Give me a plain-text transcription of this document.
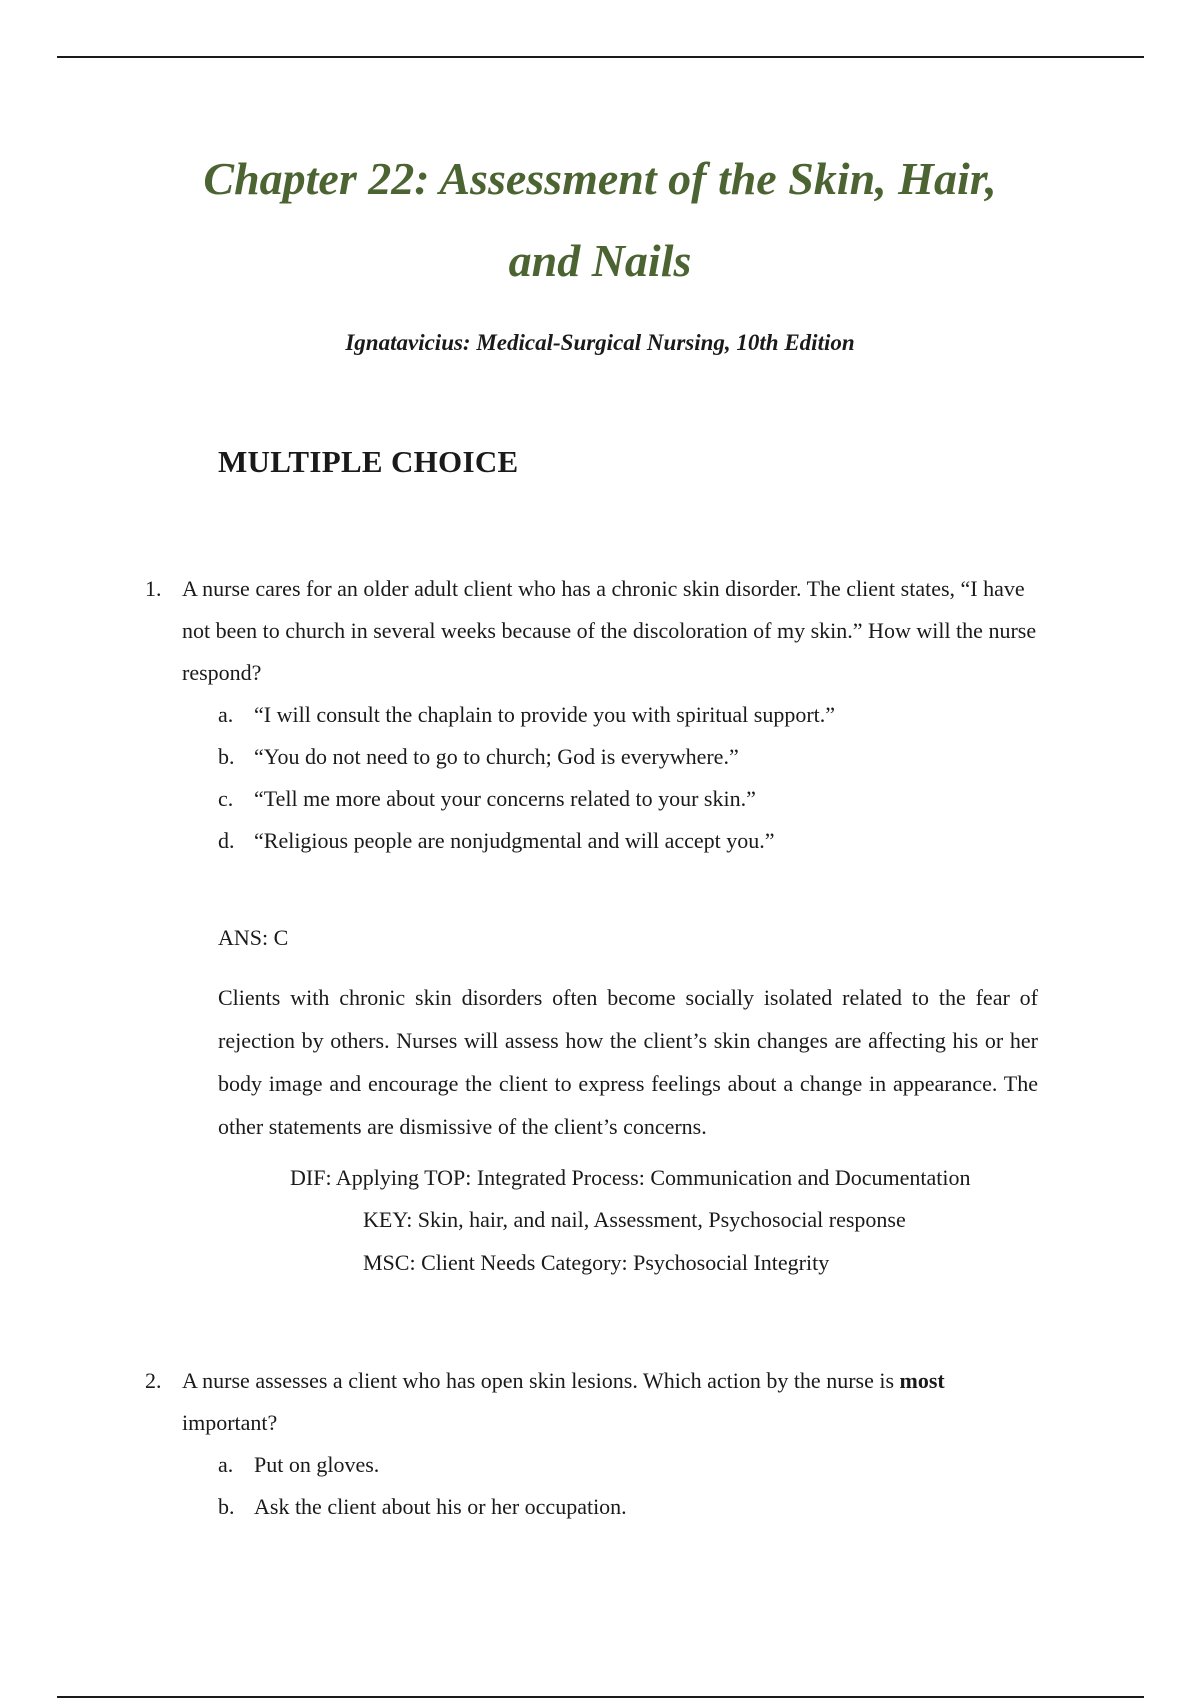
Chapter 22: Assessment of the Skin, Hair,
and Nails
Ignatavicius: Medical-Surgical Nursing, 10th Edition
MULTIPLE CHOICE
1. A nurse cares for an older adult client who has a chronic skin disorder. The client states, “I have not been to church in several weeks because of the discoloration of my skin.” How will the nurse respond?
a. “I will consult the chaplain to provide you with spiritual support.”
b. “You do not need to go to church; God is everywhere.”
c. “Tell me more about your concerns related to your skin.”
d. “Religious people are nonjudgmental and will accept you.”
ANS: C
Clients with chronic skin disorders often become socially isolated related to the fear of rejection by others. Nurses will assess how the client’s skin changes are affecting his or her body image and encourage the client to express feelings about a change in appearance. The other statements are dismissive of the client’s concerns.
DIF: Applying TOP: Integrated Process: Communication and Documentation
KEY: Skin, hair, and nail, Assessment, Psychosocial response
MSC: Client Needs Category: Psychosocial Integrity
2. A nurse assesses a client who has open skin lesions. Which action by the nurse is most important?
a. Put on gloves.
b. Ask the client about his or her occupation.
